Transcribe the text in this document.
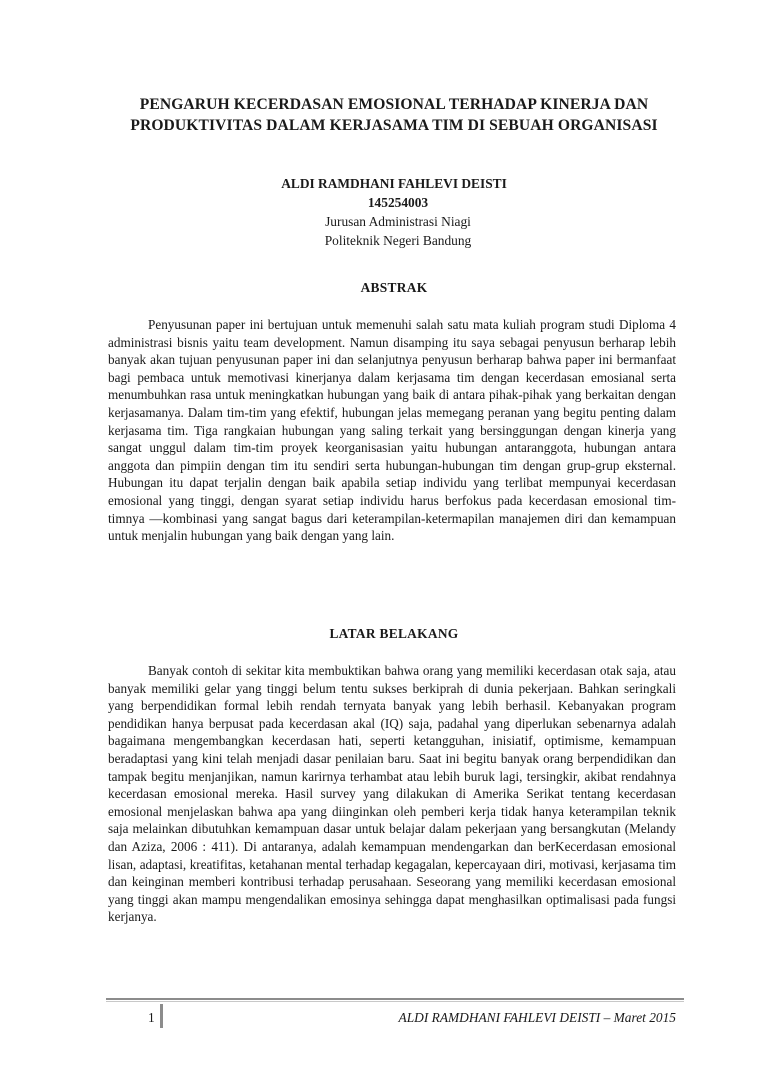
PENGARUH KECERDASAN EMOSIONAL TERHADAP KINERJA DAN PRODUKTIVITAS DALAM KERJASAMA TIM DI SEBUAH ORGANISASI
ALDI RAMDHANI FAHLEVI DEISTI
145254003
Jurusan Administrasi Niagi
Politeknik Negeri Bandung
ABSTRAK

Penyusunan paper ini bertujuan untuk memenuhi salah satu mata kuliah program studi Diploma 4 administrasi bisnis yaitu team development. Namun disamping itu saya sebagai penyusun berharap lebih banyak akan tujuan penyusunan paper ini dan selanjutnya penyusun berharap bahwa paper ini bermanfaat bagi pembaca untuk memotivasi kinerjanya dalam kerjasama tim dengan kecerdasan emosianal serta menumbuhkan rasa untuk meningkatkan hubungan yang baik di antara pihak-pihak yang berkaitan dengan kerjasamanya. Dalam tim-tim yang efektif, hubungan jelas memegang peranan yang begitu penting dalam kerjasama tim. Tiga rangkaian hubungan yang saling terkait yang bersinggungan dengan kinerja yang sangat unggul dalam tim-tim proyek keorganisasian yaitu hubungan antaranggota, hubungan antara anggota dan pimpiin dengan tim itu sendiri serta hubungan-hubungan tim dengan grup-grup eksternal. Hubungan itu dapat terjalin dengan baik apabila setiap individu yang terlibat mempunyai kecerdasan emosional yang tinggi, dengan syarat setiap individu harus berfokus pada kecerdasan emosional tim-timnya —kombinasi yang sangat bagus dari keterampilan-ketermapilan manajemen diri dan kemampuan untuk menjalin hubungan yang baik dengan yang lain.

LATAR BELAKANG

Banyak contoh di sekitar kita membuktikan bahwa orang yang memiliki kecerdasan otak saja, atau banyak memiliki gelar yang tinggi belum tentu sukses berkiprah di dunia pekerjaan. Bahkan seringkali yang berpendidikan formal lebih rendah ternyata banyak yang lebih berhasil. Kebanyakan program pendidikan hanya berpusat pada kecerdasan akal (IQ) saja, padahal yang diperlukan sebenarnya adalah bagaimana mengembangkan kecerdasan hati, seperti ketangguhan, inisiatif, optimisme, kemampuan beradaptasi yang kini telah menjadi dasar penilaian baru. Saat ini begitu banyak orang berpendidikan dan tampak begitu menjanjikan, namun karirnya terhambat atau lebih buruk lagi, tersingkir, akibat rendahnya kecerdasan emosional mereka. Hasil survey yang dilakukan di Amerika Serikat tentang kecerdasan emosional menjelaskan bahwa apa yang diinginkan oleh pemberi kerja tidak hanya keterampilan teknik saja melainkan dibutuhkan kemampuan dasar untuk belajar dalam pekerjaan yang bersangkutan (Melandy dan Aziza, 2006 : 411). Di antaranya, adalah kemampuan mendengarkan dan berKecerdasan emosional lisan, adaptasi, kreatifitas, ketahanan mental terhadap kegagalan, kepercayaan diri, motivasi, kerjasama tim dan keinginan memberi kontribusi terhadap perusahaan. Seseorang yang memiliki kecerdasan emosional yang tinggi akan mampu mengendalikan emosinya sehingga dapat menghasilkan optimalisasi pada fungsi kerjanya.

1	ALDI RAMDHANI FAHLEVI DEISTI – Maret 2015
